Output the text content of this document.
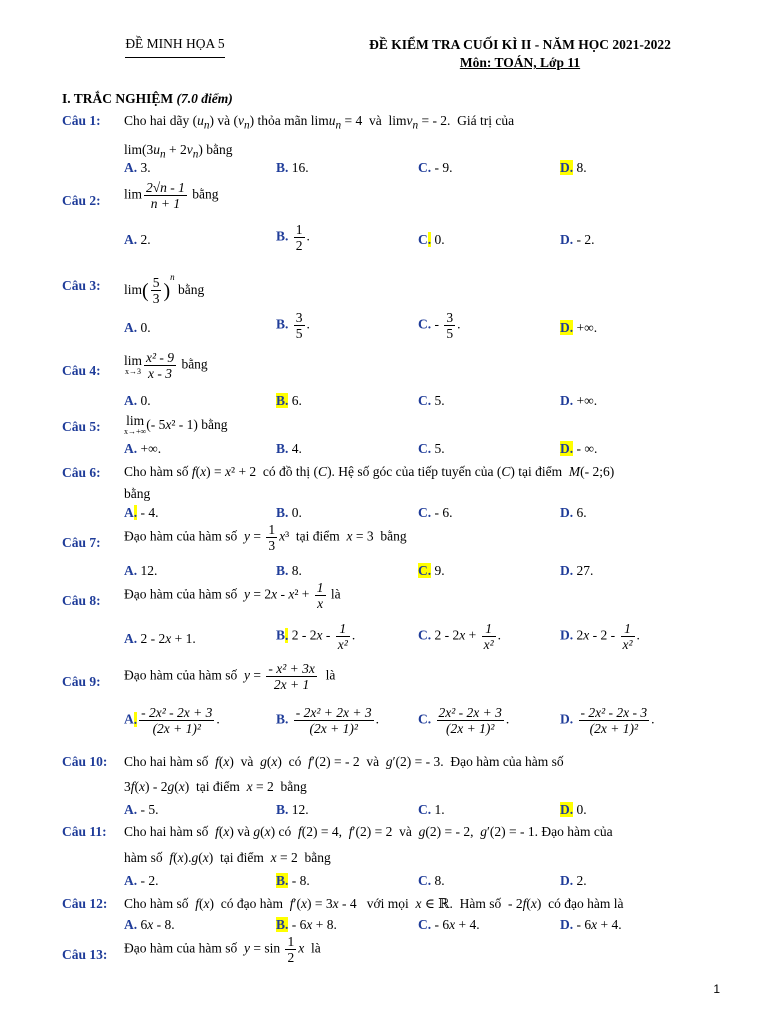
ĐỀ MINH HỌA 5	ĐỀ KIỂM TRA CUỐI KÌ II - NĂM HỌC 2021-2022
Môn: TOÁN, Lớp 11
I. TRẮC NGHIỆM (7.0 điểm)
Câu 1: Cho hai dãy $(u_n)$ và $(v_n)$ thỏa mãn limu$_n$ = 4  và  limv$_n$ = - 2.  Giá trị của
$\lim(3u_n + 2v_n)$ bằng
A. 3.	B. 16.	C. - 9.	D. 8.
Câu 2: $\lim \frac{2√n - 1}{n + 1}$ bằng
A. 2.	B. $\frac{1}{2}$ .	C. 0.	D. - 2.
Câu 3: $\lim( \frac{5}{3} )^n$ bằng
A. 0.	B. $\frac{3}{5}$ .	C. - $\frac{3}{5}$ .	D. +∞.
Câu 4:
lim
$x\to 3 \frac{\text{x² - 9}}{x - 3}$ bằng
A. 0.	B. 6.	C. 5.	D. +∞.
Câu 5: lim
x→+∞ (- 5x² - 1) bằng
A. +∞.	B. 4.	C. 5.	D. - ∞.
Câu 6: Cho hàm số f(x) = x² + 2  có đồ thị (C). Hệ số góc của tiếp tuyến của (C) tại điểm  M(- 2;6)
bằng
A. - 4.	B. 0.	C. - 6.	D. 6.
Câu 7: Đạo hàm của hàm số  $y = \frac{1}{3} x^3$  tại điểm  x = 3  bằng
A. 12.	B. 8.	C. 9.	D. 27.
Câu 8: Đạo hàm của hàm số  $y = 2x - x^2 + \frac{1}{x}$ là
A. 2 - 2x + 1.	B. $2 - 2x - \frac{1}{\text{x²}}$ .	C. $2 - 2x + \frac{1}{\text{x²}}$ .	D. $2x - 2 - \frac{1}{\text{x²}}$ .
Câu 9: Đạo hàm của hàm số  $y = \frac{\text{- x² + 3x}}{2x + 1}$ là
A. $\frac{\text{- 2x² - 2x + 3}}{\text{(2x + 1)²}}$ .	B. $\frac{\text{- 2x² + 2x + 3}}{\text{(2x + 1)²}}$ .	C. $\frac{\text{2x² - 2x + 3}}{\text{(2x + 1)²}}$ .	D. $\frac{\text{- 2x² - 2x - 3}}{\text{(2x + 1)²}}$ .
Câu 10: Cho hai hàm số  f(x)  và  g(x)  có  f′(2) = - 2  và  g′(2) = - 3.  Đạo hàm của hàm số
3f(x) - 2g(x)  tại điểm  x = 2  bằng
A. - 5.	B. 12.	C. 1.	D. 0.
Câu 11: Cho hai hàm số  f(x) và g(x) có  f(2) = 4,  f′(2) = 2  và  g(2) = - 2,  g′(2) = - 1. Đạo hàm của
hàm số  f(x).g(x)  tại điểm  x = 2  bằng
A. - 2.	B. - 8.	C. 8.	D. 2.
Câu 12: Cho hàm số  f(x)  có đạo hàm  f′(x) = 3x - 4   với mọi  x ∈ ℝ.  Hàm số  - 2f(x)  có đạo hàm là
A. 6x - 8.	B. - 6x + 8.	C. - 6x + 4.	D. - 6x + 4.
Câu 13: Đạo hàm của hàm số  $y = \sin \frac{1}{2}$ x  là
1
